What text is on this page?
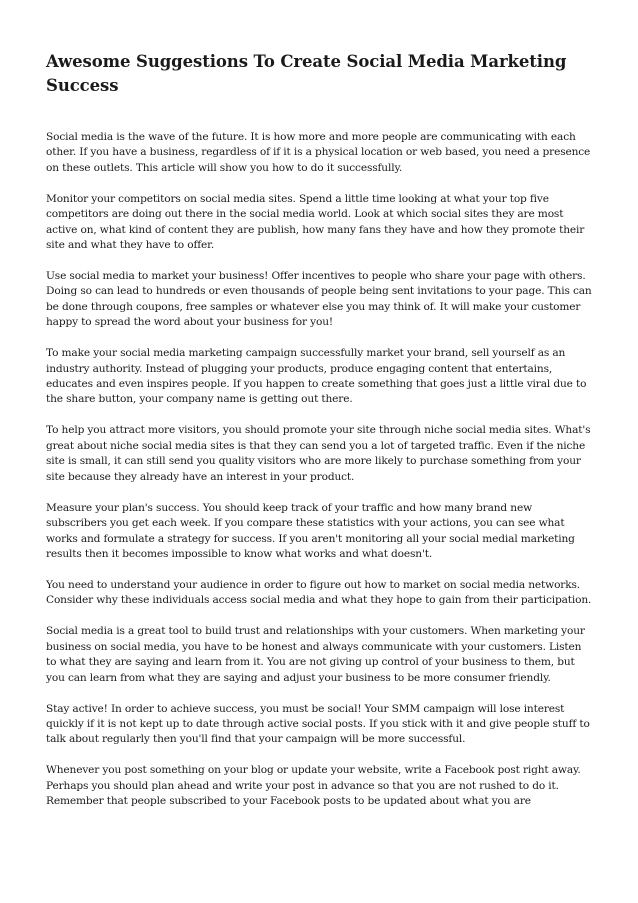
Awesome Suggestions To Create Social Media Marketing Success

Social media is the wave of the future. It is how more and more people are communicating with each other. If you have a business, regardless of if it is a physical location or web based, you need a presence on these outlets. This article will show you how to do it successfully.

Monitor your competitors on social media sites. Spend a little time looking at what your top five competitors are doing out there in the social media world. Look at which social sites they are most active on, what kind of content they are publish, how many fans they have and how they promote their site and what they have to offer.

Use social media to market your business! Offer incentives to people who share your page with others. Doing so can lead to hundreds or even thousands of people being sent invitations to your page. This can be done through coupons, free samples or whatever else you may think of. It will make your customer happy to spread the word about your business for you!

To make your social media marketing campaign successfully market your brand, sell yourself as an industry authority. Instead of plugging your products, produce engaging content that entertains, educates and even inspires people. If you happen to create something that goes just a little viral due to the share button, your company name is getting out there.

To help you attract more visitors, you should promote your site through niche social media sites. What's great about niche social media sites is that they can send you a lot of targeted traffic. Even if the niche site is small, it can still send you quality visitors who are more likely to purchase something from your site because they already have an interest in your product.

Measure your plan's success. You should keep track of your traffic and how many brand new subscribers you get each week. If you compare these statistics with your actions, you can see what works and formulate a strategy for success. If you aren't monitoring all your social medial marketing results then it becomes impossible to know what works and what doesn't.

You need to understand your audience in order to figure out how to market on social media networks. Consider why these individuals access social media and what they hope to gain from their participation.

Social media is a great tool to build trust and relationships with your customers. When marketing your business on social media, you have to be honest and always communicate with your customers. Listen to what they are saying and learn from it. You are not giving up control of your business to them, but you can learn from what they are saying and adjust your business to be more consumer friendly.

Stay active! In order to achieve success, you must be social! Your SMM campaign will lose interest quickly if it is not kept up to date through active social posts. If you stick with it and give people stuff to talk about regularly then you'll find that your campaign will be more successful.

Whenever you post something on your blog or update your website, write a Facebook post right away. Perhaps you should plan ahead and write your post in advance so that you are not rushed to do it. Remember that people subscribed to your Facebook posts to be updated about what you are
